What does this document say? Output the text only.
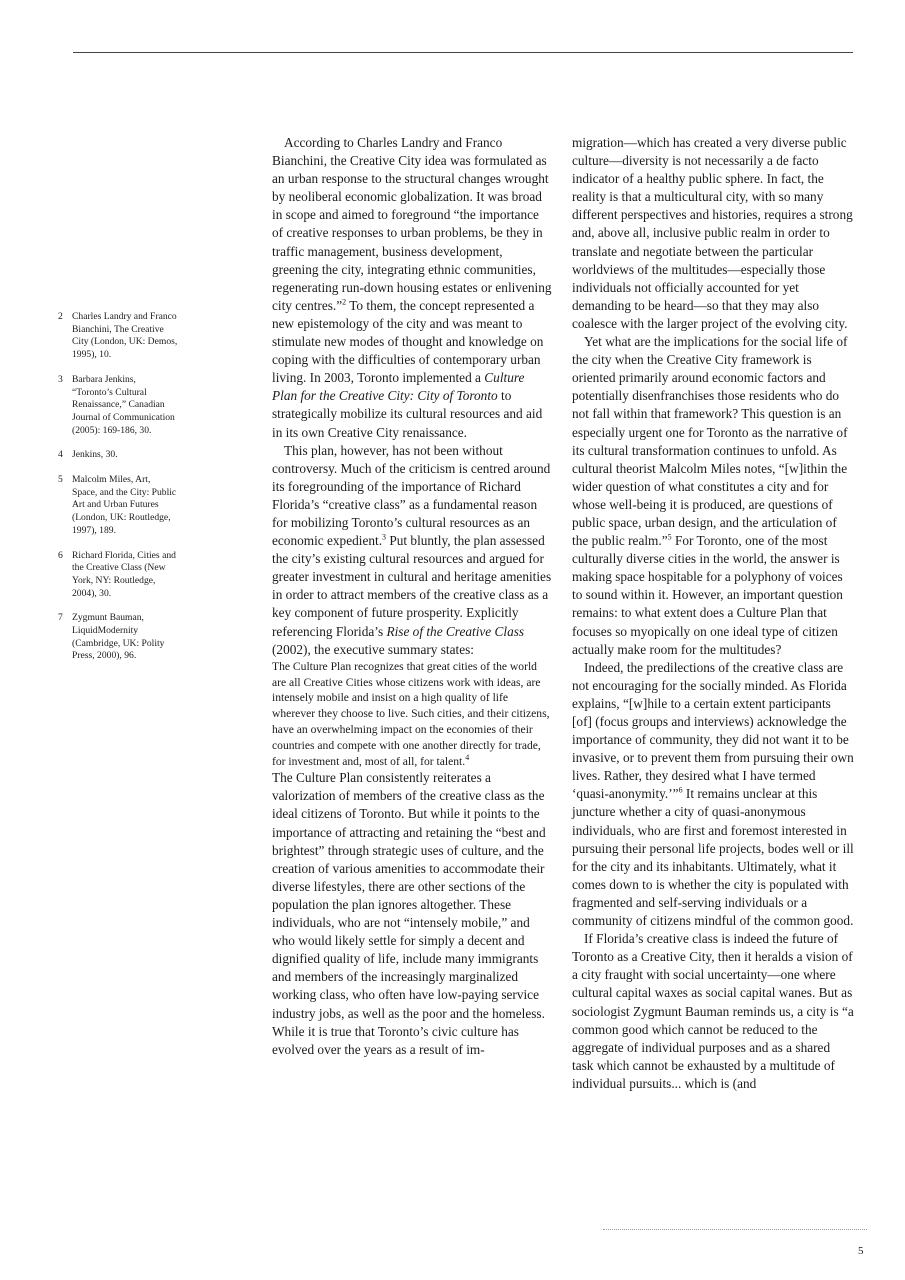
2 Charles Landry and Franco Bianchini, The Creative City (London, UK: Demos, 1995), 10.
3 Barbara Jenkins, “Toronto’s Cultural Renaissance,” Canadian Journal of Communication (2005): 169-186, 30.
4 Jenkins, 30.
5 Malcolm Miles, Art, Space, and the City: Public Art and Urban Futures (London, UK: Routledge, 1997), 189.
6 Richard Florida, Cities and the Creative Class (New York, NY: Routledge, 2004), 30.
7 Zygmunt Bauman, LiquidModernity (Cambridge, UK: Polity Press, 2000), 96.

According to Charles Landry and Franco Bianchini, the Creative City idea was formulated as an urban response to the structural changes wrought by neoliberal economic globalization. It was broad in scope and aimed to foreground “the importance of creative responses to urban problems, be they in traffic management, business development, greening the city, integrating ethnic communities, regenerating run-down housing estates or enlivening city centres.”$^2$ To them, the concept represented a new epistemology of the city and was meant to stimulate new modes of thought and knowledge on coping with the difficulties of contemporary urban living. In 2003, Toronto implemented a Culture Plan for the Creative City: City of Toronto to strategically mobilize its cultural resources and aid in its own Creative City renaissance.

This plan, however, has not been without controversy. Much of the criticism is centred around its foregrounding of the importance of Richard Florida’s “creative class” as a fundamental reason for mobilizing Toronto’s cultural resources as an economic expedient.$^3$ Put bluntly, the plan assessed the city’s existing cultural resources and argued for greater investment in cultural and heritage amenities in order to attract members of the creative class as a key component of future prosperity. Explicitly referencing Florida’s Rise of the Creative Class (2002), the executive summary states:

The Culture Plan recognizes that great cities of the world are all Creative Cities whose citizens work with ideas, are intensely mobile and insist on a high quality of life wherever they choose to live. Such cities, and their citizens, have an overwhelming impact on the economies of their countries and compete with one another directly for trade, for investment and, most of all, for talent.$^4$

The Culture Plan consistently reiterates a valorization of members of the creative class as the ideal citizens of Toronto. But while it points to the importance of attracting and retaining the “best and brightest” through strategic uses of culture, and the creation of various amenities to accommodate their diverse lifestyles, there are other sections of the population the plan ignores altogether. These individuals, who are not “intensely mobile,” and who would likely settle for simply a decent and dignified quality of life, include many immigrants and members of the increasingly marginalized working class, who often have low-paying service industry jobs, as well as the poor and the homeless. While it is true that Toronto’s civic culture has evolved over the years as a result of im-

migration—which has created a very diverse public culture—diversity is not necessarily a de facto indicator of a healthy public sphere. In fact, the reality is that a multicultural city, with so many different perspectives and histories, requires a strong and, above all, inclusive public realm in order to translate and negotiate between the particular worldviews of the multitudes—especially those individuals not officially accounted for yet demanding to be heard—so that they may also coalesce with the larger project of the evolving city.

Yet what are the implications for the social life of the city when the Creative City framework is oriented primarily around economic factors and potentially disenfranchises those residents who do not fall within that framework? This question is an especially urgent one for Toronto as the narrative of its cultural transformation continues to unfold. As cultural theorist Malcolm Miles notes, “[w]ithin the wider question of what constitutes a city and for whose well-being it is produced, are questions of public space, urban design, and the articulation of the public realm.”$^5$ For Toronto, one of the most culturally diverse cities in the world, the answer is making space hospitable for a polyphony of voices to sound within it. However, an important question remains: to what extent does a Culture Plan that focuses so myopically on one ideal type of citizen actually make room for the multitudes?

Indeed, the predilections of the creative class are not encouraging for the socially minded. As Florida explains, “[w]hile to a certain extent participants [of] (focus groups and interviews) acknowledge the importance of community, they did not want it to be invasive, or to prevent them from pursuing their own lives. Rather, they desired what I have termed ‘quasi-anonymity.’”$^6$ It remains unclear at this juncture whether a city of quasi-anonymous individuals, who are first and foremost interested in pursuing their personal life projects, bodes well or ill for the city and its inhabitants. Ultimately, what it comes down to is whether the city is populated with fragmented and self-serving individuals or a community of citizens mindful of the common good.

If Florida’s creative class is indeed the future of Toronto as a Creative City, then it heralds a vision of a city fraught with social uncertainty—one where cultural capital waxes as social capital wanes. But as sociologist Zygmunt Bauman reminds us, a city is “a common good which cannot be reduced to the aggregate of individual purposes and as a shared task which cannot be exhausted by a multitude of individual pursuits... which is (and

5
